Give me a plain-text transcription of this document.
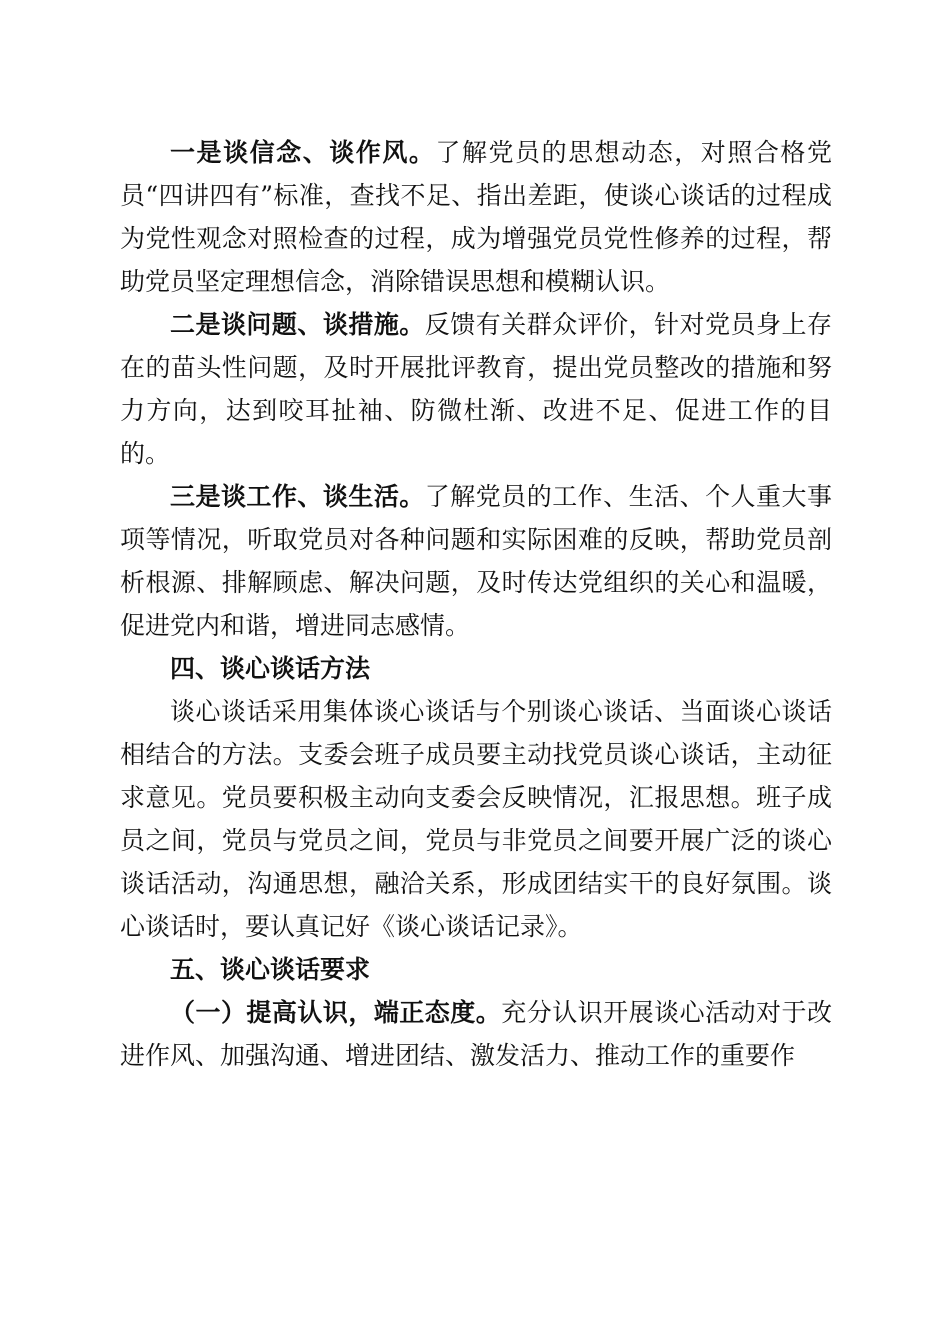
一是谈信念、谈作风。了解党员的思想动态，对照合格党员“四讲四有”标准，查找不足、指出差距，使谈心谈话的过程成为党性观念对照检查的过程，成为增强党员党性修养的过程，帮助党员坚定理想信念，消除错误思想和模糊认识。

二是谈问题、谈措施。反馈有关群众评价，针对党员身上存在的苗头性问题，及时开展批评教育，提出党员整改的措施和努力方向，达到咬耳扯袖、防微杜渐、改进不足、促进工作的目的。

三是谈工作、谈生活。了解党员的工作、生活、个人重大事项等情况，听取党员对各种问题和实际困难的反映，帮助党员剖析根源、排解顾虑、解决问题，及时传达党组织的关心和温暖，促进党内和谐，增进同志感情。

四、谈心谈话方法

谈心谈话采用集体谈心谈话与个别谈心谈话、当面谈心谈话相结合的方法。支委会班子成员要主动找党员谈心谈话，主动征求意见。党员要积极主动向支委会反映情况，汇报思想。班子成员之间，党员与党员之间，党员与非党员之间要开展广泛的谈心谈话活动，沟通思想，融洽关系，形成团结实干的良好氛围。谈心谈话时，要认真记好《谈心谈话记录》。

五、谈心谈话要求

（一）提高认识，端正态度。充分认识开展谈心活动对于改进作风、加强沟通、增进团结、激发活力、推动工作的重要作
